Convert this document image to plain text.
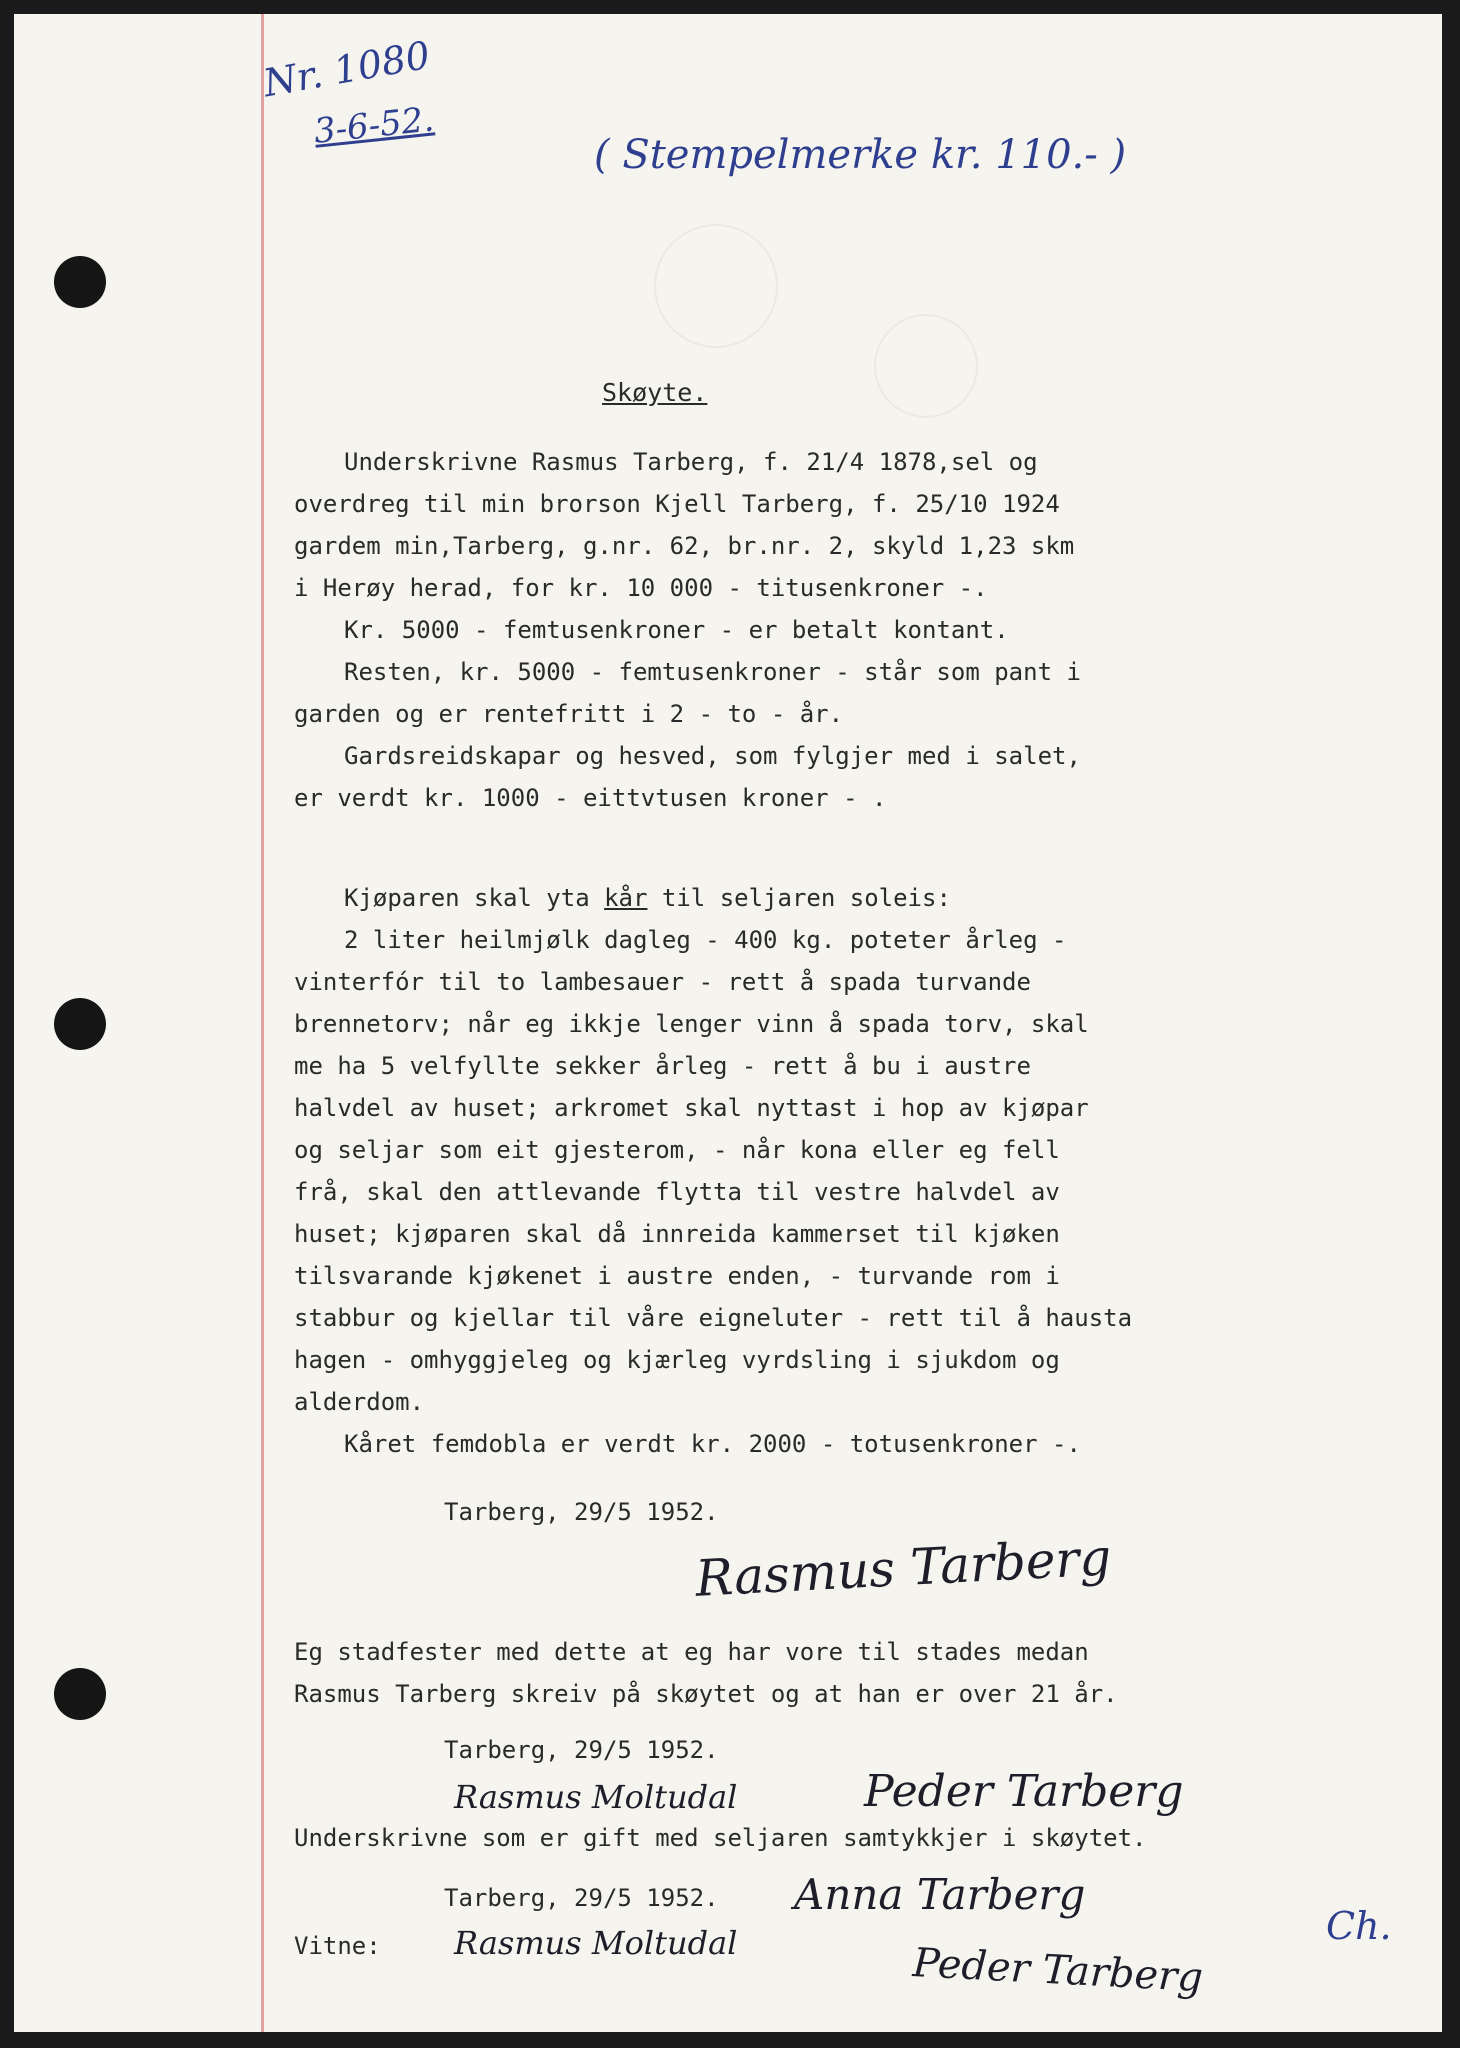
Nr. 1080
3-6-52.
( Stempelmerke kr. 110.- )
Skøyte.
Underskrivne Rasmus Tarberg, f. 21/4 1878,sel og
overdreg til min brorson Kjell Tarberg, f. 25/10 1924
gardem min,Tarberg, g.nr. 62, br.nr. 2, skyld 1,23 skm
i Herøy herad, for kr. 10 000 - titusenkroner -.
Kr. 5000 - femtusenkroner - er betalt kontant.
Resten, kr. 5000 - femtusenkroner - står som pant i
garden og er rentefritt i 2 - to - år.
Gardsreidskapar og hesved, som fylgjer med i salet,
er verdt kr. 1000 - eittvtusen kroner - .
Kjøparen skal yta kår til seljaren soleis:
2 liter heilmjølk dagleg - 400 kg. poteter årleg -
vinterfór til to lambesauer - rett å spada turvande
brennetorv; når eg ikkje lenger vinn å spada torv, skal
me ha 5 velfyllte sekker årleg - rett å bu i austre
halvdel av huset; arkromet skal nyttast i hop av kjøpar
og seljar som eit gjesterom, - når kona eller eg fell
frå, skal den attlevande flytta til vestre halvdel av
huset; kjøparen skal då innreida kammerset til kjøken
tilsvarande kjøkenet i austre enden, - turvande rom i
stabbur og kjellar til våre eigneluter - rett til å hausta
hagen - omhyggjeleg og kjærleg vyrdsling i sjukdom og
alderdom.
Kåret femdobla er verdt kr. 2000 - totusenkroner -.
Tarberg, 29/5 1952.
Rasmus Tarberg
Eg stadfester med dette at eg har vore til stades medan
Rasmus Tarberg skreiv på skøytet og at han er over 21 år.
Tarberg, 29/5 1952.
Rasmus Moltudal	Peder Tarberg
Underskrivne som er gift med seljaren samtykkjer i skøytet.
Tarberg, 29/5 1952. Anna Tarberg
Vitne: Rasmus Moltudal	Peder Tarberg
Ch.
